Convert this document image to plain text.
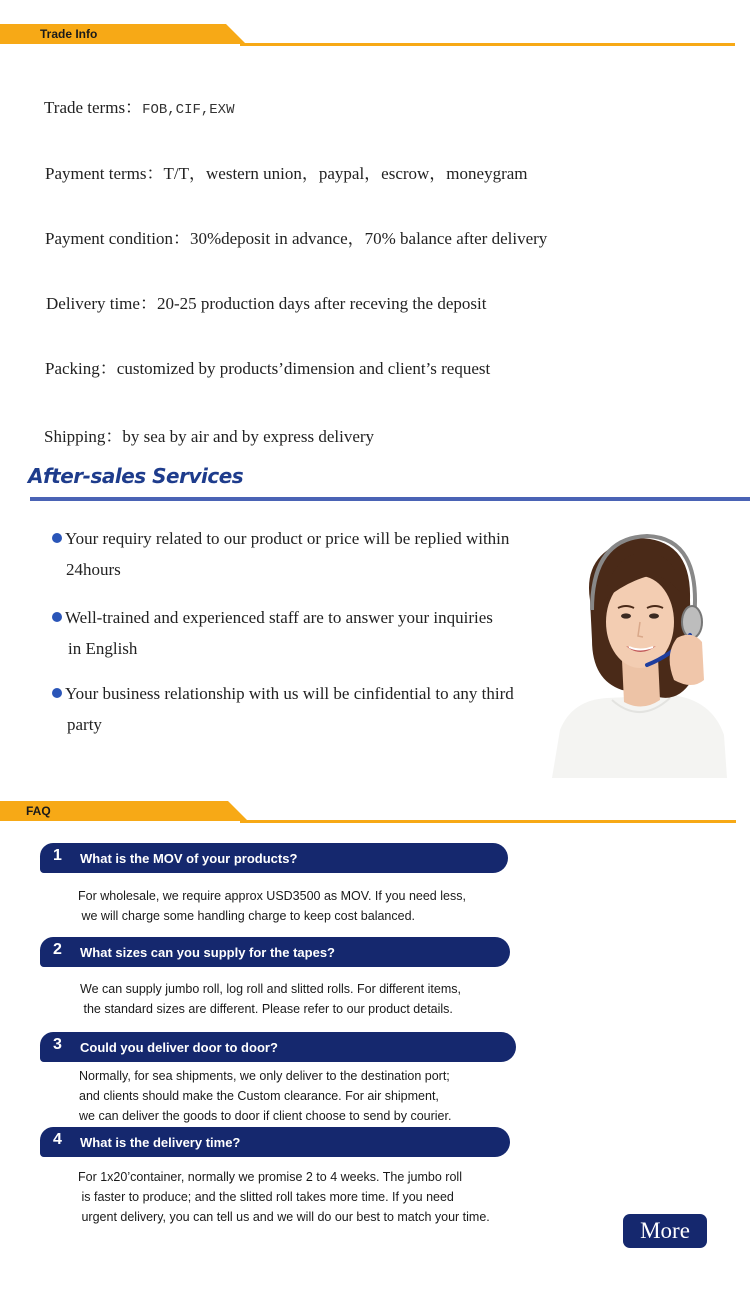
Trade Info
Trade terms：FOB,CIF,EXW
Payment terms：T/T，western union，paypal，escrow，moneygram
Payment condition：30%deposit in advance，70% balance after delivery
Delivery time：20-25 production days after receving the deposit
Packing：customized by products’dimension and client’s request
Shipping：by sea by air and by express delivery
After-sales Services
Your requiry related to our product or price will be replied within
24hours
Well-trained and experienced staff are to answer your inquiries
in English
Your business relationship with us will be cinfidential to any third
party
FAQ
1 What is the MOV of your products?
For wholesale, we require approx USD3500 as MOV. If you need less,
we will charge some handling charge to keep cost balanced.
2 What sizes can you supply for the tapes?
We can supply jumbo roll, log roll and slitted rolls. For different items,
the standard sizes are different. Please refer to our product details.
3 Could you deliver door to door?
Normally, for sea shipments, we only deliver to the destination port;
and clients should make the Custom clearance. For air shipment,
we can deliver the goods to door if client choose to send by courier.
4 What is the delivery time?
For 1x20’container, normally we promise 2 to 4 weeks. The jumbo roll
is faster to produce; and the slitted roll takes more time. If you need
urgent delivery, you can tell us and we will do our best to match your time.
More
